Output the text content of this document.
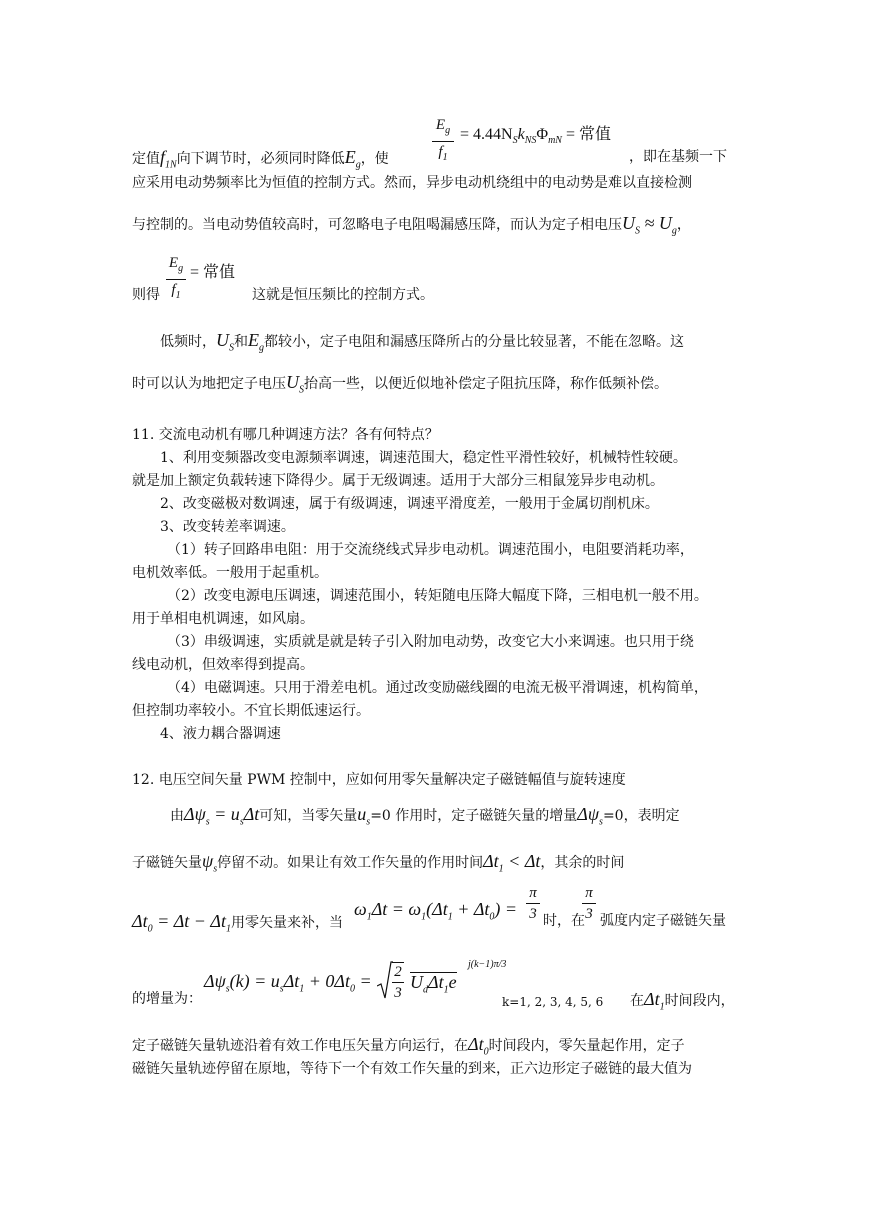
定值$f_{1N}$向下调节时，必须同时降低$E_g$，使
$E_g$
$f_1$
= $4.44N_Sk_{NS}\Phi_{mN}$ = 常值
，即在基频一下
应采用电动势频率比为恒值的控制方式。然而，异步电动机绕组中的电动势是难以直接检测
与控制的。当电动势值较高时，可忽略电子电阻喝漏感压降，而认为定子相电压$U_S \approx U_g$，
则得
$E_g$
$f_1$
= 常值
这就是恒压频比的控制方式。
低频时，$U_S$和$E_g$都较小，定子电阻和漏感压降所占的分量比较显著，不能在忽略。这
时可以认为地把定子电压$U_S$抬高一些，以便近似地补偿定子阻抗压降，称作低频补偿。
11. 交流电动机有哪几种调速方法？各有何特点？
1、利用变频器改变电源频率调速，调速范围大，稳定性平滑性较好，机械特性较硬。
就是加上额定负载转速下降得少。属于无级调速。适用于大部分三相鼠笼异步电动机。
2、改变磁极对数调速，属于有级调速，调速平滑度差，一般用于金属切削机床。
3、改变转差率调速。
（1）转子回路串电阻：用于交流绕线式异步电动机。调速范围小，电阻要消耗功率，
电机效率低。一般用于起重机。
（2）改变电源电压调速，调速范围小，转矩随电压降大幅度下降，三相电机一般不用。
用于单相电机调速，如风扇。
（3）串级调速，实质就是就是转子引入附加电动势，改变它大小来调速。也只用于绕
线电动机，但效率得到提高。
（4）电磁调速。只用于滑差电机。通过改变励磁线圈的电流无极平滑调速，机构简单，
但控制功率较小。不宜长期低速运行。
4、液力耦合器调速
12. 电压空间矢量 PWM 控制中，应如何用零矢量解决定子磁链幅值与旋转速度
由$\Delta\psi_s = u_s\Delta t$可知，当零矢量$u_s=0$ 作用时，定子磁链矢量的增量$\Delta\psi_s=0$，表明定
子磁链矢量$\psi_s$停留不动。如果让有效工作矢量的作用时间$\Delta t_1 < \Delta t$，其余的时间
$\Delta t_0 = \Delta t - \Delta t_1$用零矢量来补，当
$\omega_1\Delta t = \omega_1(\Delta t_1 + \Delta t_0)$ =
π
3 时，在
π
3 弧度内定子磁链矢量
的增量为：
$\Delta\psi_s(k) = u_s\Delta t_1 + 0\Delta t_0 = 2$
3
$U_d\Delta t_1e$
j(k−1)π/3
k=1, 2, 3, 4, 5, 6 在$\Delta t_1$时间段内，
定子磁链矢量轨迹沿着有效工作电压矢量方向运行，在$\Delta t_0$时间段内，零矢量起作用，定子
磁链矢量轨迹停留在原地，等待下一个有效工作矢量的到来，正六边形定子磁链的最大值为
